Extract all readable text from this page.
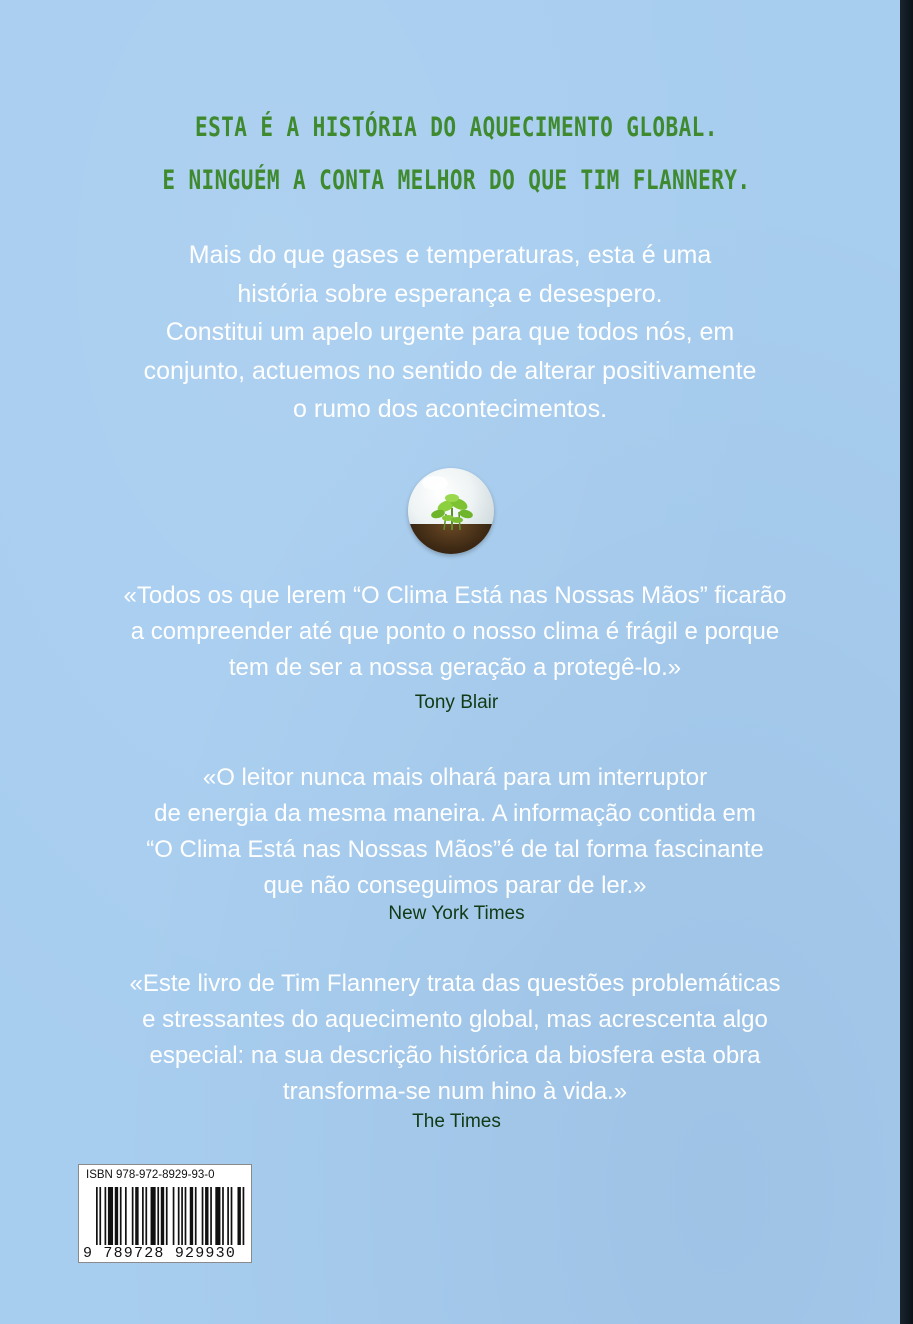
ESTA É A HISTÓRIA DO AQUECIMENTO GLOBAL.
E NINGUÉM A CONTA MELHOR DO QUE TIM FLANNERY.
Mais do que gases e temperaturas, esta é uma
história sobre esperança e desespero.
Constitui um apelo urgente para que todos nós, em
conjunto, actuemos no sentido de alterar positivamente
o rumo dos acontecimentos.
«Todos os que lerem “O Clima Está nas Nossas Mãos” ficarão
a compreender até que ponto o nosso clima é frágil e porque
tem de ser a nossa geração a protegê-lo.»
Tony Blair
«O leitor nunca mais olhará para um interruptor
de energia da mesma maneira. A informação contida em
“O Clima Está nas Nossas Mãos”é de tal forma fascinante
que não conseguimos parar de ler.»
New York Times
«Este livro de Tim Flannery trata das questões problemáticas
e stressantes do aquecimento global, mas acrescenta algo
especial: na sua descrição histórica da biosfera esta obra
transforma-se num hino à vida.»
The Times
ISBN 978-972-8929-93-0
9 789728 929930
